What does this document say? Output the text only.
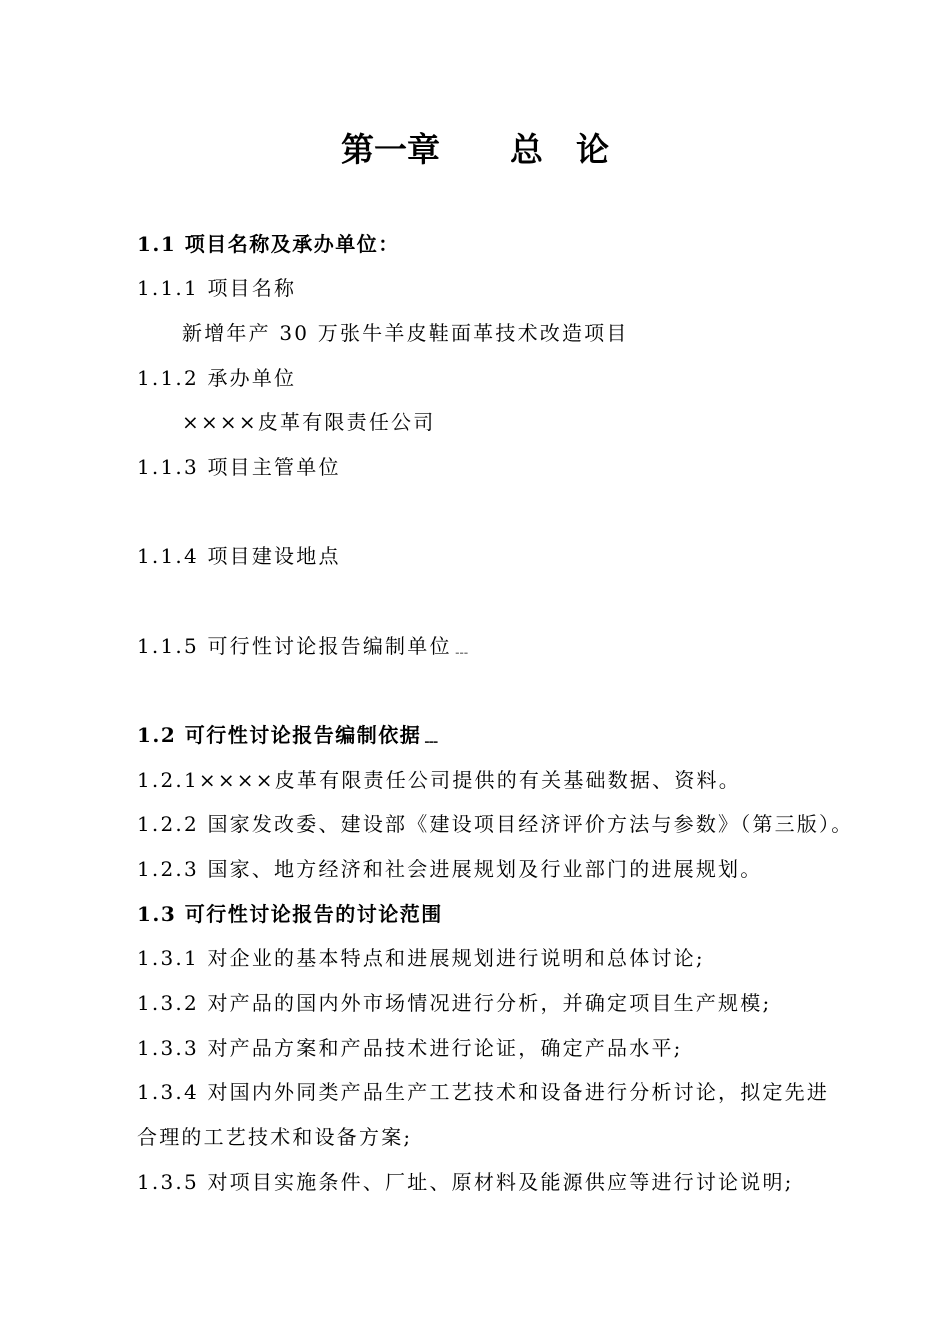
第一章 总　论
1.1 项目名称及承办单位：
1.1.1 项目名称
新增年产 30 万张牛羊皮鞋面革技术改造项目
1.1.2 承办单位
××××皮革有限责任公司
1.1.3 项目主管单位
1.1.4 项目建设地点
1.1.5 可行性讨论报告编制单位﹍
1.2 可行性讨论报告编制依据﹍
1.2.1××××皮革有限责任公司提供的有关基础数据、资料。
1.2.2 国家发改委、建设部《建设项目经济评价方法与参数》（第三版）。
1.2.3 国家、地方经济和社会进展规划及行业部门的进展规划。
1.3 可行性讨论报告的讨论范围
1.3.1 对企业的基本特点和进展规划进行说明和总体讨论;
1.3.2 对产品的国内外市场情况进行分析，并确定项目生产规模;
1.3.3 对产品方案和产品技术进行论证，确定产品水平;
1.3.4 对国内外同类产品生产工艺技术和设备进行分析讨论，拟定先进
合理的工艺技术和设备方案;
1.3.5 对项目实施条件、厂址、原材料及能源供应等进行讨论说明;
